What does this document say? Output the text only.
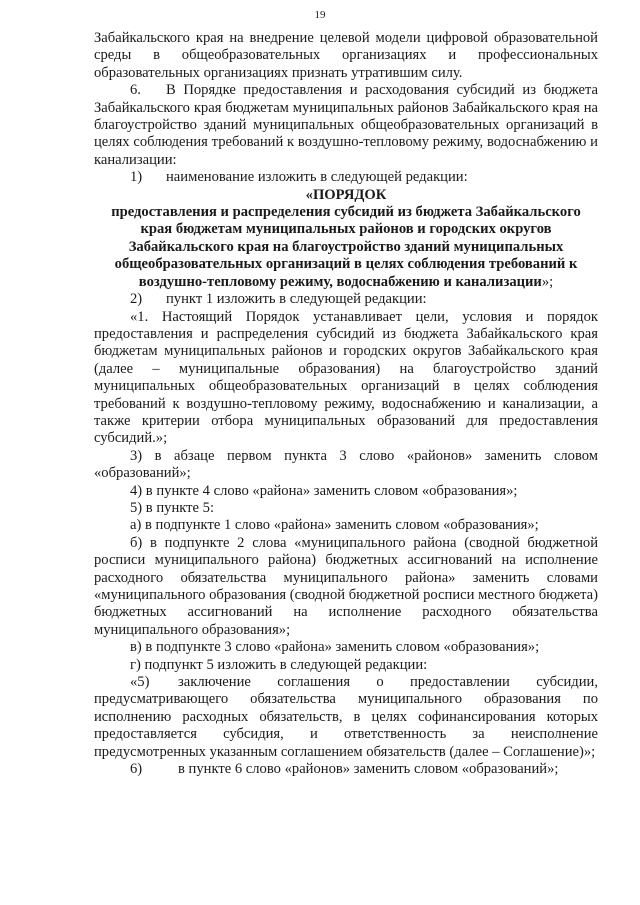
19

Забайкальского края на внедрение целевой модели цифровой образовательной среды в общеобразовательных организациях и профессиональных образовательных организациях признать утратившим силу.

6. В Порядке предоставления и расходования субсидий из бюджета Забайкальского края бюджетам муниципальных районов Забайкальского края на благоустройство зданий муниципальных общеобразовательных организаций в целях соблюдения требований к воздушно-тепловому режиму, водоснабжению и канализации:

1) наименование изложить в следующей редакции:

«ПОРЯДОК

предоставления и распределения субсидий из бюджета Забайкальского края бюджетам муниципальных районов и городских округов Забайкальского края на благоустройство зданий муниципальных общеобразовательных организаций в целях соблюдения требований к воздушно-тепловому режиму, водоснабжению и канализации»;

2) пункт 1 изложить в следующей редакции:

«1. Настоящий Порядок устанавливает цели, условия и порядок предоставления и распределения субсидий из бюджета Забайкальского края бюджетам муниципальных районов и городских округов Забайкальского края (далее – муниципальные образования) на благоустройство зданий муниципальных общеобразовательных организаций в целях соблюдения требований к воздушно-тепловому режиму, водоснабжению и канализации, а также критерии отбора муниципальных образований для предоставления субсидий.»;

3) в абзаце первом пункта 3 слово «районов» заменить словом «образований»;

4) в пункте 4 слово «района» заменить словом «образования»;

5) в пункте 5:

а) в подпункте 1 слово «района» заменить словом «образования»;

б) в подпункте 2 слова «муниципального района (сводной бюджетной росписи муниципального района) бюджетных ассигнований на исполнение расходного обязательства муниципального района» заменить словами «муниципального образования (сводной бюджетной росписи местного бюджета) бюджетных ассигнований на исполнение расходного обязательства муниципального образования»;

в) в подпункте 3 слово «района» заменить словом «образования»;

г) подпункт 5 изложить в следующей редакции:

«5) заключение соглашения о предоставлении субсидии, предусматривающего обязательства муниципального образования по исполнению расходных обязательств, в целях софинансирования которых предоставляется субсидия, и ответственность за неисполнение предусмотренных указанным соглашением обязательств (далее – Соглашение)»;

6) в пункте 6 слово «районов» заменить словом «образований»;
